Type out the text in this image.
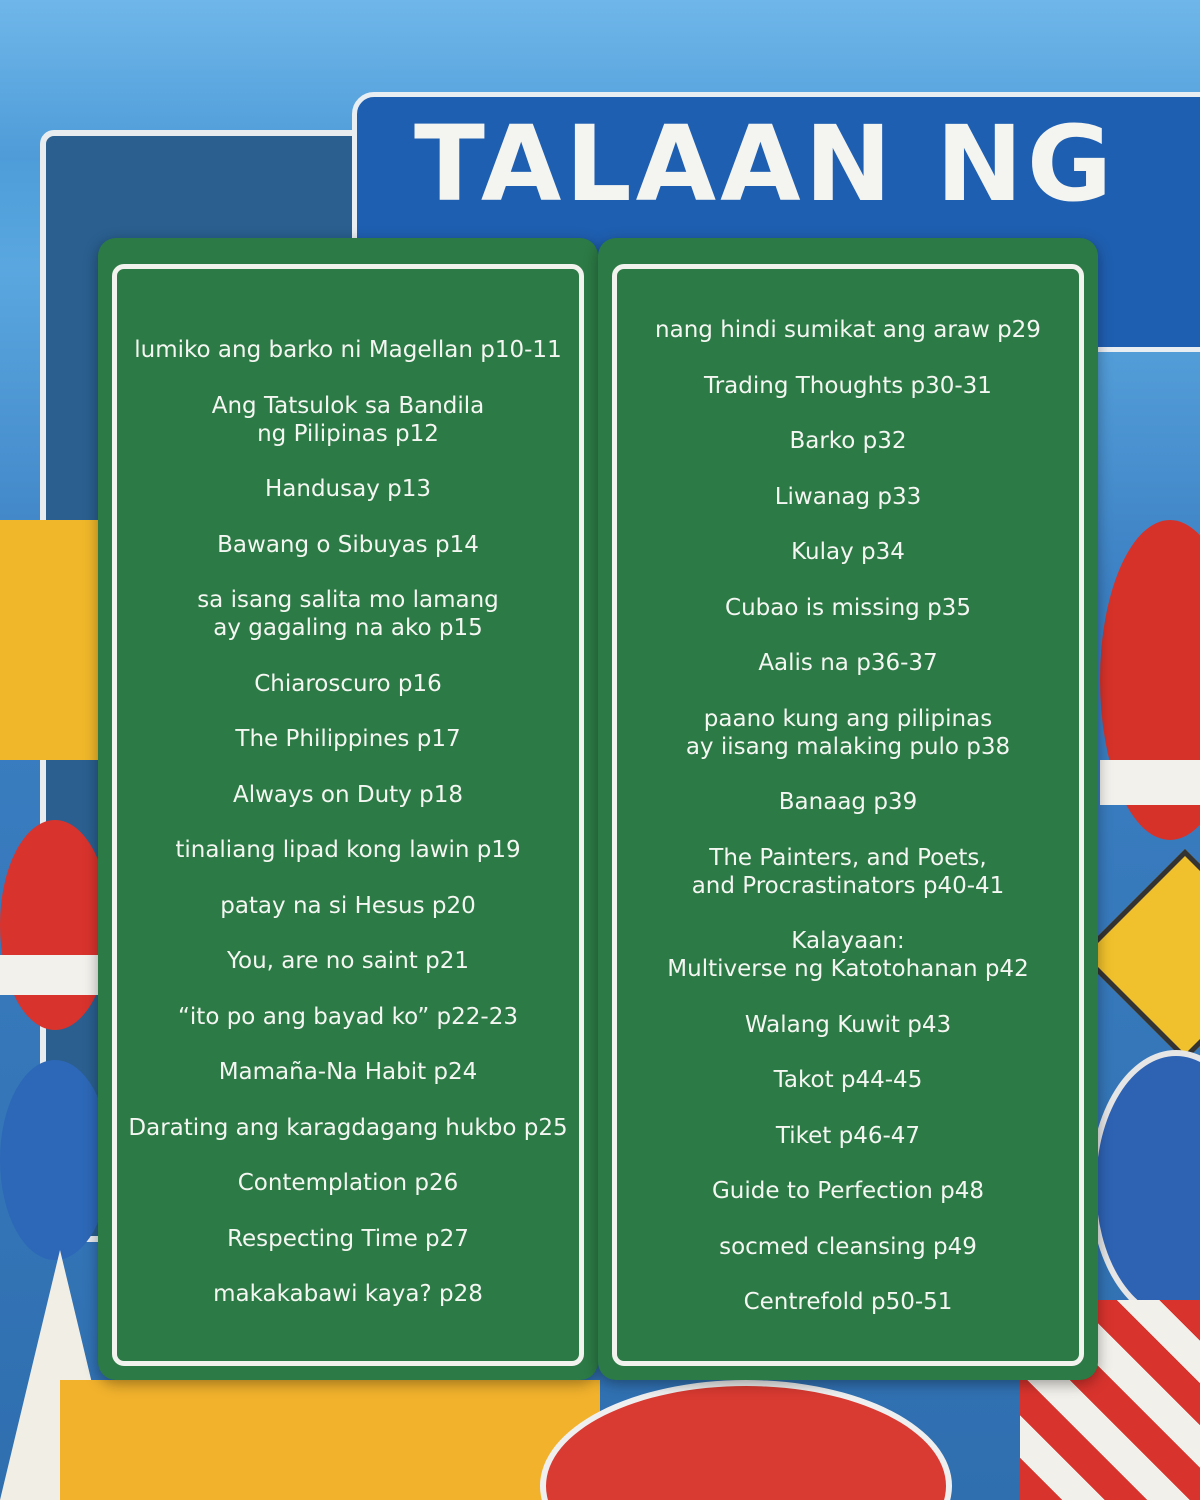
TALAAN NG
lumiko ang barko ni Magellan p10-11
Ang Tatsulok sa Bandila
ng Pilipinas p12
Handusay p13
Bawang o Sibuyas p14
sa isang salita mo lamang
ay gagaling na ako p15
Chiaroscuro p16
The Philippines p17
Always on Duty p18
tinaliang lipad kong lawin p19
patay na si Hesus p20
You, are no saint p21
“ito po ang bayad ko” p22-23
Mamaña-Na Habit p24
Darating ang karagdagang hukbo p25
Contemplation p26
Respecting Time p27
makakabawi kaya? p28
nang hindi sumikat ang araw p29
Trading Thoughts p30-31
Barko p32
Liwanag p33
Kulay p34
Cubao is missing p35
Aalis na p36-37
paano kung ang pilipinas
ay iisang malaking pulo p38
Banaag p39
The Painters, and Poets,
and Procrastinators p40-41
Kalayaan:
Multiverse ng Katotohanan p42
Walang Kuwit p43
Takot p44-45
Tiket p46-47
Guide to Perfection p48
socmed cleansing p49
Centrefold p50-51
